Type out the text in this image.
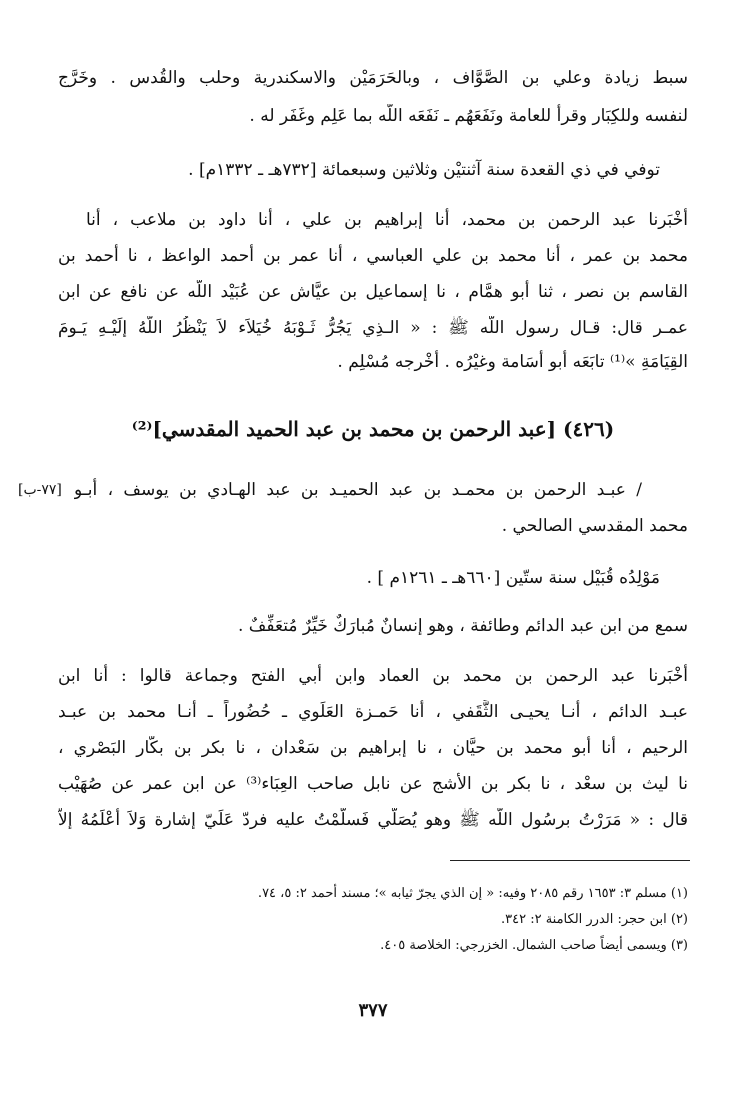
سبط زيادة وعلي بن الصَّوَّاف ، وبالحَرَمَيْن والاسكندرية وحلب والقُدس . وخَرَّج
لنفسه وللكِبَار وقرأ للعامة ونَفَعَهُم ـ نَفَعَه اللّه بما عَلِم وغَفَر له .
توفي في ذي القعدة سنة آثنتيْن وثلاثين وسبعمائة [٧٣٢هـ ـ ١٣٣٢م] .
أخْبَرنا عبد الرحمن بن محمد، أنا إبراهيم بن علي ، أنا داود بن ملاعب ، أنا
محمد بن عمر ، أنا محمد بن علي العباسي ، أنا عمر بن أحمد الواعظ ، نا أحمد بن
القاسم بن نصر ، ثنا أبو همَّام ، نا إسماعيل بن عيَّاش عن عُبَيْد اللّه عن نافع عن ابن
عمـر قال: قـال رسول اللّه ﷺ : « الـذِي يَجُرُّ ثَـوْبَهُ خُيَلاَء لاَ يَنْظُرُ اللّهُ إلَيْـهِ يَـومَ
القِيَامَةِ »⁽¹⁾ تابَعَه أبو أُسَامة وغيْرُه . أخْرجه مُسْلِم .
(٤٢٦) [عبد الرحمن بن محمد بن عبد الحميد المقدسي]⁽²⁾
[٧٧-ب] / عبـد الرحمن بن محمـد بن عبد الحميـد بن عبد الهـادي بن يوسف ، أبـو
محمد المقدسي الصالحي .
مَوْلِدُه قُبَيْل سنة ستّين [٦٦٠هـ ـ ١٢٦١م ] .
سمع من ابن عبد الدائم وطائفة ، وهو إنسانٌ مُبارَكٌ خَيِّرٌ مُتعَفِّفٌ .
أخْبَرنا عبد الرحمن بن محمد بن العماد وابن أبي الفتح وجماعة قالوا : أنا ابن
عبـد الدائم ، أنـا يحيـى الثَّقَفي ، أنا حَمـزة العَلَوي ـ حُضُوراً ـ أنـا محمد بن عبـد
الرحيم ، أنا أبو محمد بن حيَّان ، نا إبراهيم بن سَعْدان ، نا بكر بن بكَّار البَصْري ،
نا ليث بن سعْد ، نا بكر بن الأشج عن نابل صاحب العِبَاء⁽³⁾ عن ابن عمر عن صُهَيْب
قال : « مَرَرْتُ برسُول اللّه ﷺ وهو يُصَلّي فَسلَّمْتُ عليه فردّ عَلَيّ إشارة وَلاَ أعْلَمُهُ إلاَّ
(١) مسلم ٣: ١٦٥٣ رقم ٢٠٨٥ وفيه: « إن الذي يجرّ ثيابه »؛ مسند أحمد ٢: ٥، ٧٤.
(٢) ابن حجر: الدرر الكامنة ٢: ٣٤٢.
(٣) ويسمى أيضاً صاحب الشمال. الخزرجي: الخلاصة ٤٠٥.
٣٧٧
